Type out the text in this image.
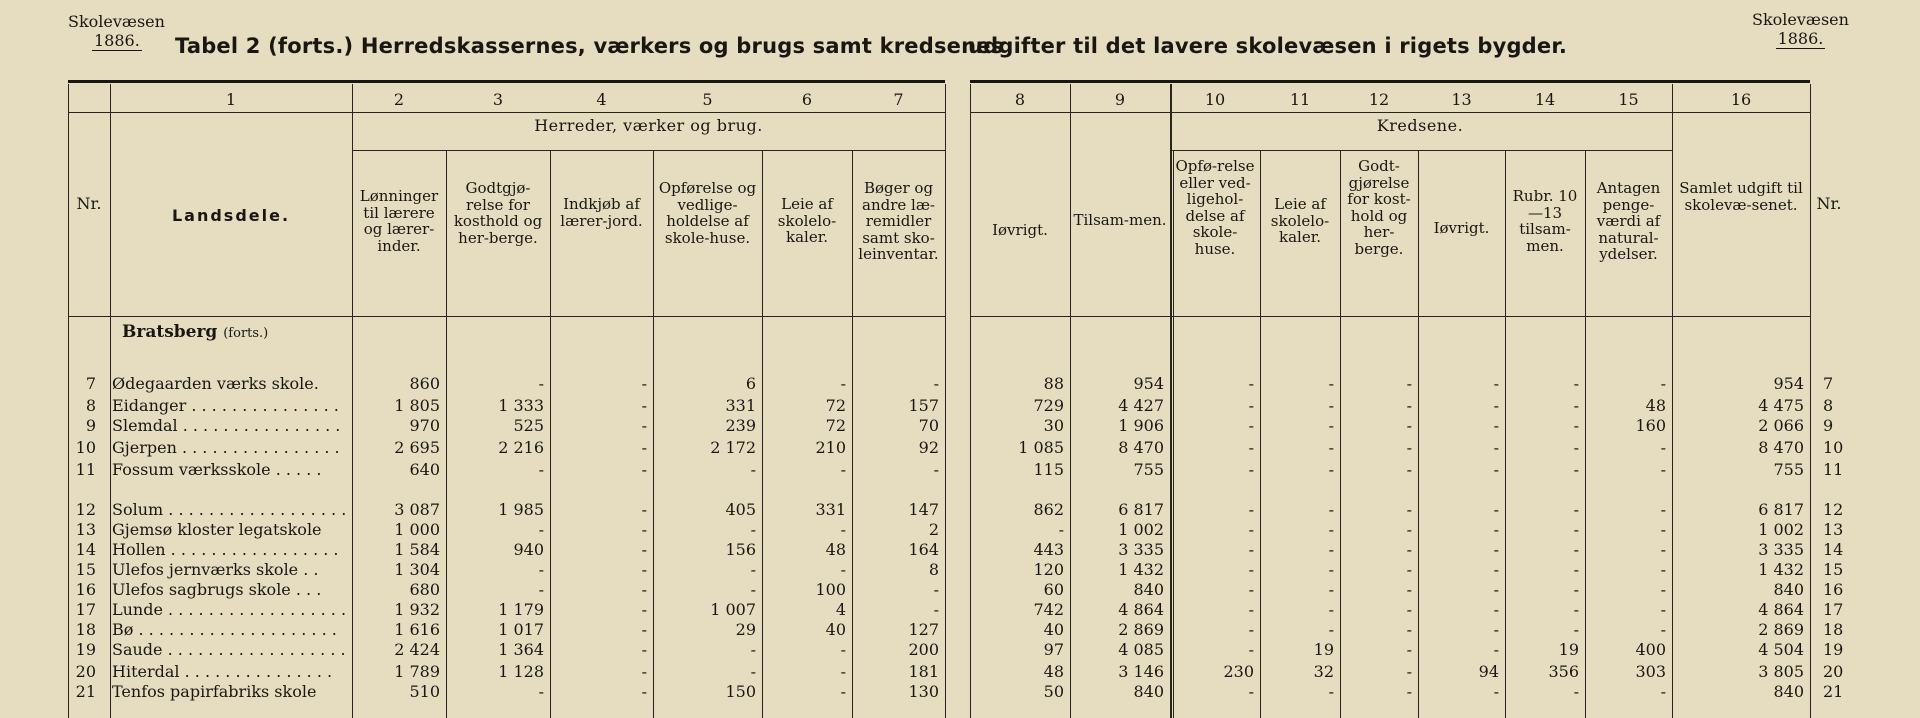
Skolevæsen
1886.
Skolevæsen
1886.
Tabel 2 (forts.) Herredskassernes, værkers og brugs samt kredsenes
udgifter til det lavere skolevæsen i rigets bygder.
1	2	3	4	5	6	7	8	9	10	11	12	13	14	15	16
Herreder, værker og brug.	Kredsene.
Nr.
Landsdele.
Lønninger til lærere og lærer-inder.
Godtgjø-relse for kosthold og her-berge.
Indkjøb af lærer-jord.
Opførelse og vedlige-holdelse af skole-huse.
Leie af skolelo-kaler.
Bøger og andre læ-remidler samt sko-leinventar.
Iøvrigt.
Tilsam-men.
Opfø-relse eller ved-ligehol-delse af skole-huse.
Leie af skolelo-kaler.
Godt-gjørelse for kost-hold og her-berge.
Iøvrigt.
Rubr. 10—13 tilsam-men.
Antagen penge-værdi af natural-ydelser.
Samlet udgift til skolevæ-senet.	Nr.
Bratsberg (forts.)
7 Ødegaarden værks skole.	860	-	-	6	-	-	88	954	-	-	-	-	-	-	954 7
8 Eidanger . . . . . . . . . . . . . . .	1 805	1 333	-	331	72	157	729	4 427	-	-	-	-	-	48	4 475 8
9 Slemdal . . . . . . . . . . . . . . . .	970	525	-	239	72	70	30	1 906	-	-	-	-	-	160	2 066 9
10 Gjerpen . . . . . . . . . . . . . . . .	2 695	2 216	-	2 172	210	92	1 085	8 470	-	-	-	-	-	-	8 470 10
11 Fossum værksskole . . . . .	640	-	-	-	-	-	115	755	-	-	-	-	-	-	755 11
12 Solum . . . . . . . . . . . . . . . . . .	3 087	1 985	-	405	331	147	862	6 817	-	-	-	-	-	-	6 817 12
13 Gjemsø kloster legatskole	1 000	-	-	-	-	2	-	1 002	-	-	-	-	-	-	1 002 13
14 Hollen . . . . . . . . . . . . . . . . .	1 584	940	-	156	48	164	443	3 335	-	-	-	-	-	-	3 335 14
15 Ulefos jernværks skole . .	1 304	-	-	-	-	8	120	1 432	-	-	-	-	-	-	1 432 15
16 Ulefos sagbrugs skole . . .	680	-	-	-	100	-	60	840	-	-	-	-	-	-	840 16
17 Lunde . . . . . . . . . . . . . . . . . .	1 932	1 179	-	1 007	4	-	742	4 864	-	-	-	-	-	-	4 864 17
18 Bø . . . . . . . . . . . . . . . . . . . .	1 616	1 017	-	29	40	127	40	2 869	-	-	-	-	-	-	2 869 18
19 Saude . . . . . . . . . . . . . . . . . .	2 424	1 364	-	-	-	200	97	4 085	-	19	-	-	19	400	4 504 19
20 Hiterdal . . . . . . . . . . . . . . .	1 789	1 128	-	-	-	181	48	3 146	230	32	-	94	356	303	3 805 20
21 Tenfos papirfabriks skole	510	-	-	150	-	130	50	840	-	-	-	-	-	-	840 21
